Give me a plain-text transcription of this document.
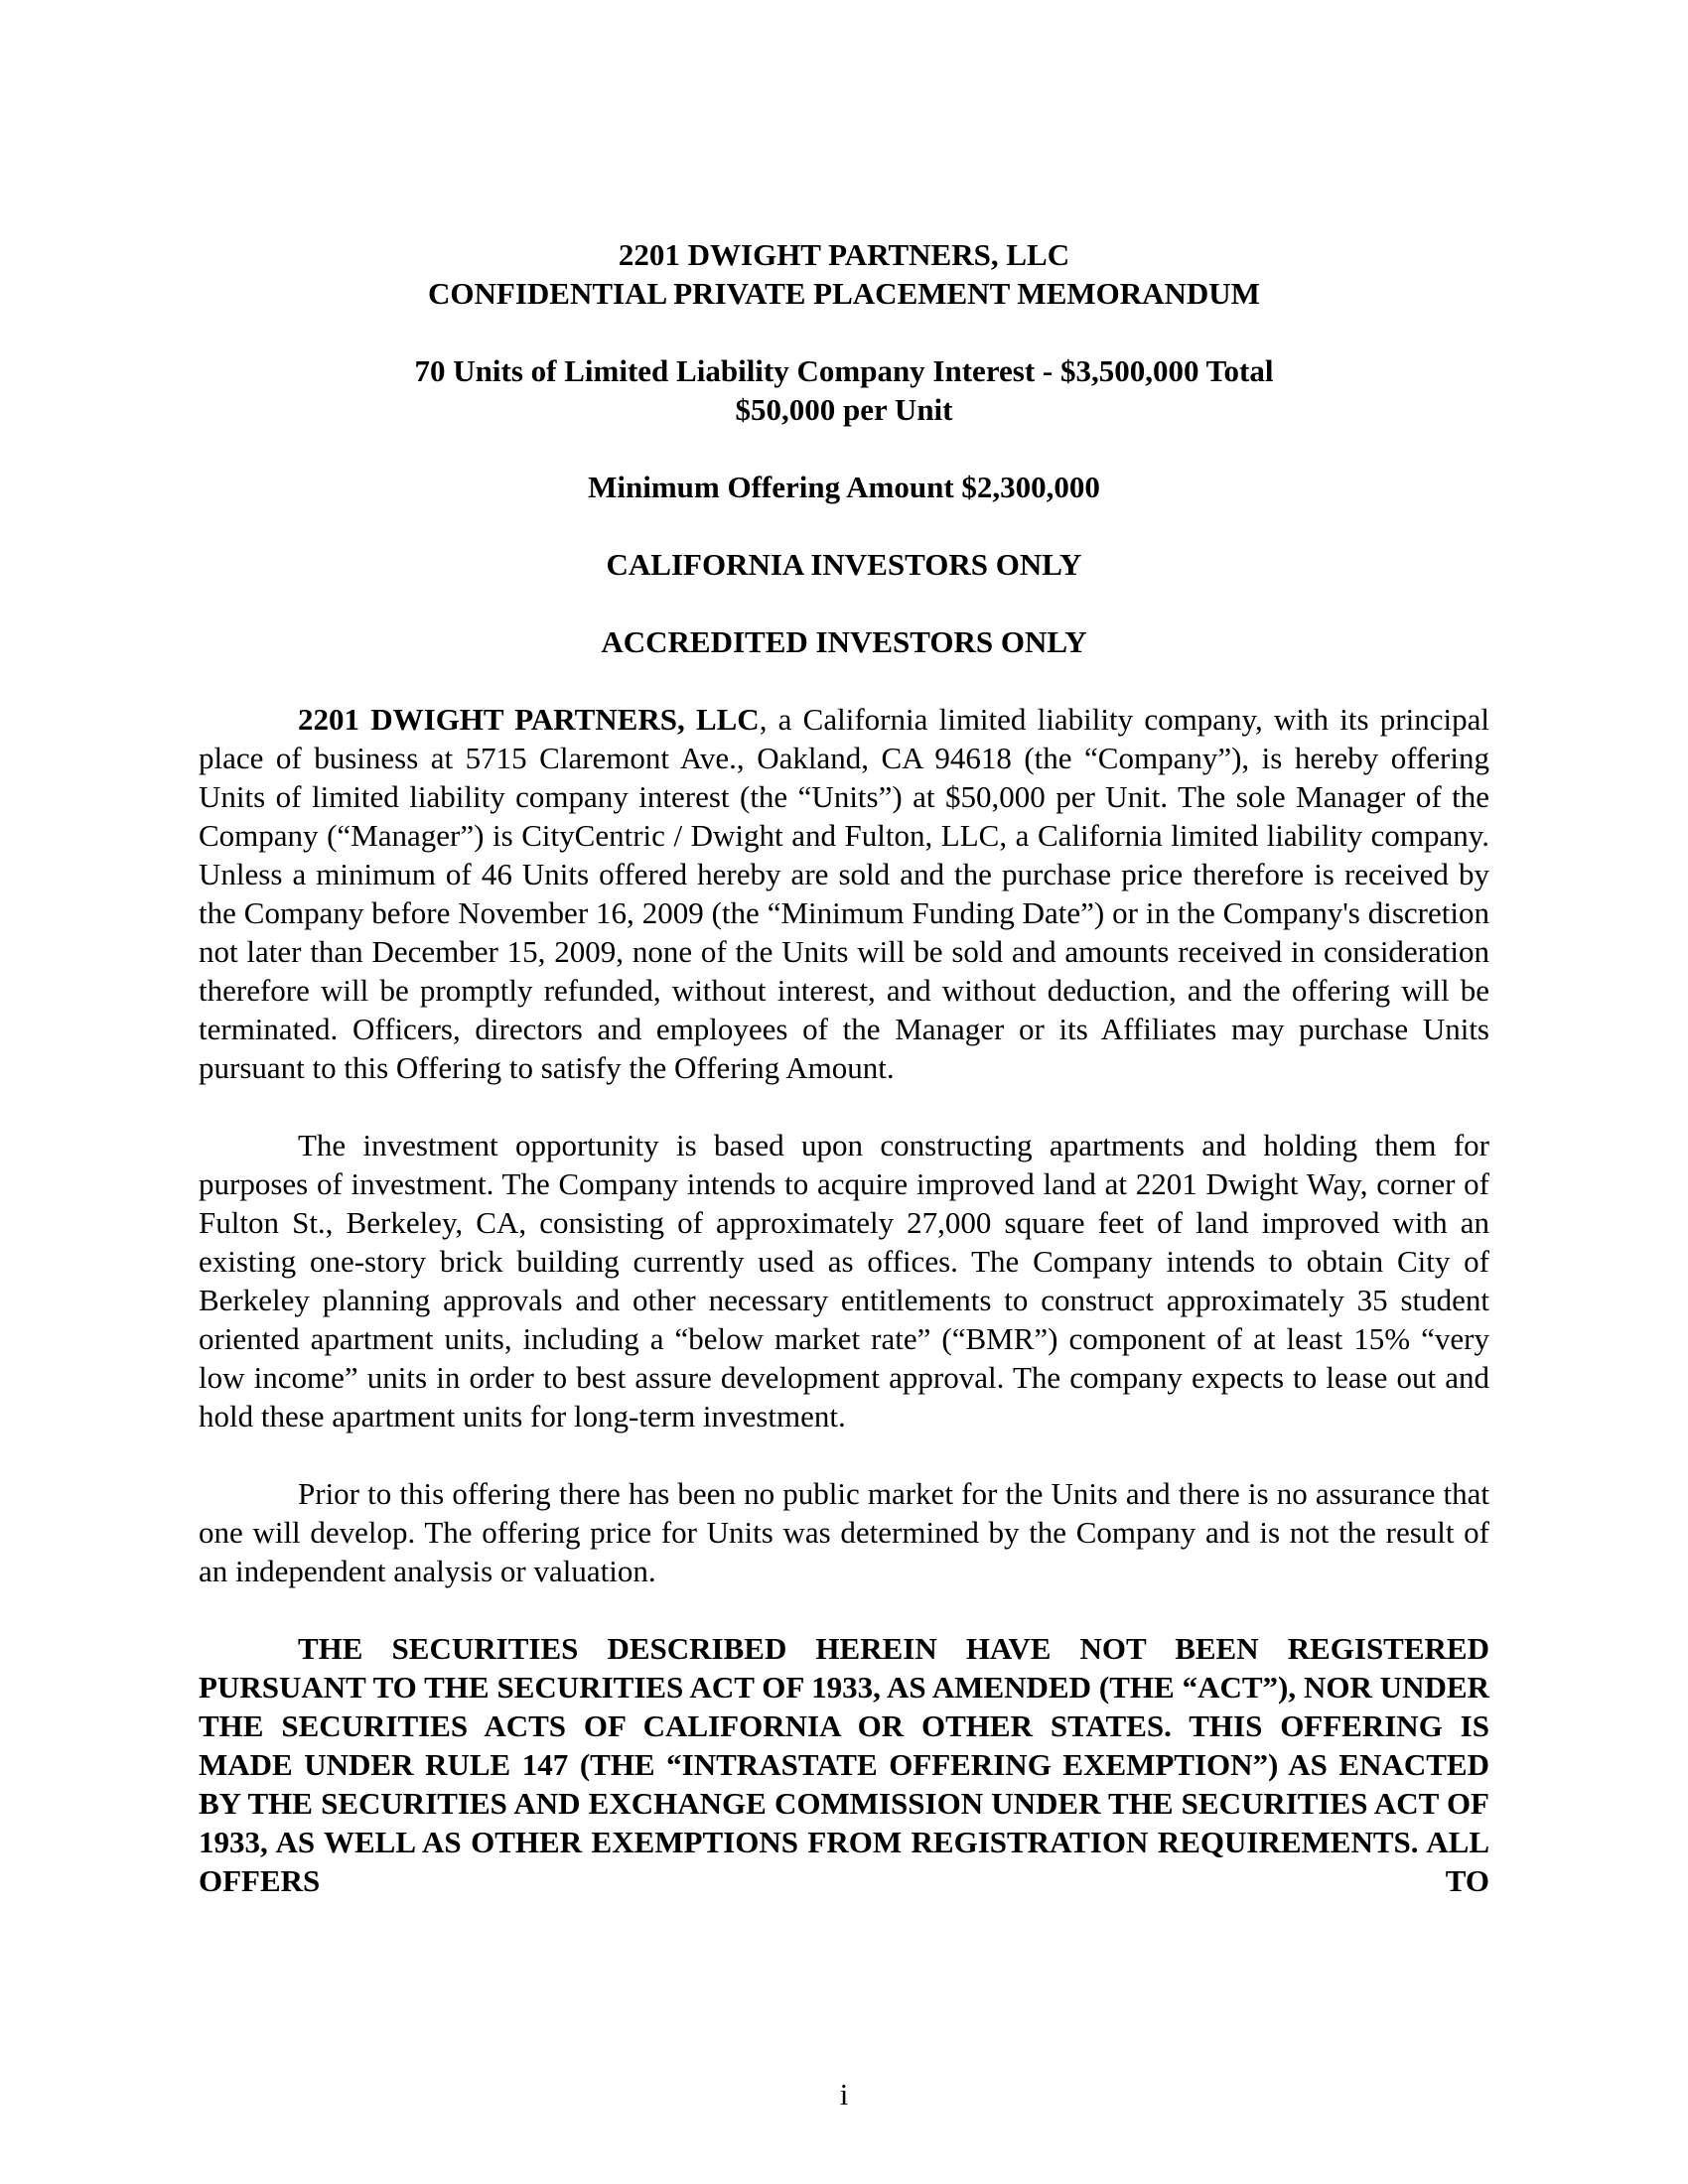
2201 DWIGHT PARTNERS, LLC
CONFIDENTIAL PRIVATE PLACEMENT MEMORANDUM
70 Units of Limited Liability Company Interest - $3,500,000 Total
$50,000 per Unit
Minimum Offering Amount $2,300,000
CALIFORNIA INVESTORS ONLY
ACCREDITED INVESTORS ONLY

2201 DWIGHT PARTNERS, LLC, a California limited liability company, with its principal place of business at 5715 Claremont Ave., Oakland, CA 94618 (the “Company”), is hereby offering Units of limited liability company interest (the “Units”) at $50,000 per Unit. The sole Manager of the Company (“Manager”) is CityCentric / Dwight and Fulton, LLC, a California limited liability company. Unless a minimum of 46 Units offered hereby are sold and the purchase price therefore is received by the Company before November 16, 2009 (the “Minimum Funding Date”) or in the Company's discretion not later than December 15, 2009, none of the Units will be sold and amounts received in consideration therefore will be promptly refunded, without interest, and without deduction, and the offering will be terminated. Officers, directors and employees of the Manager or its Affiliates may purchase Units pursuant to this Offering to satisfy the Offering Amount.

The investment opportunity is based upon constructing apartments and holding them for purposes of investment. The Company intends to acquire improved land at 2201 Dwight Way, corner of Fulton St., Berkeley, CA, consisting of approximately 27,000 square feet of land improved with an existing one-story brick building currently used as offices. The Company intends to obtain City of Berkeley planning approvals and other necessary entitlements to construct approximately 35 student oriented apartment units, including a “below market rate” (“BMR”) component of at least 15% “very low income” units in order to best assure development approval. The company expects to lease out and hold these apartment units for long-term investment.

Prior to this offering there has been no public market for the Units and there is no assurance that one will develop. The offering price for Units was determined by the Company and is not the result of an independent analysis or valuation.

THE SECURITIES DESCRIBED HEREIN HAVE NOT BEEN REGISTERED PURSUANT TO THE SECURITIES ACT OF 1933, AS AMENDED (THE “ACT”), NOR UNDER THE SECURITIES ACTS OF CALIFORNIA OR OTHER STATES. THIS OFFERING IS MADE UNDER RULE 147 (THE “INTRASTATE OFFERING EXEMPTION”) AS ENACTED BY THE SECURITIES AND EXCHANGE COMMISSION UNDER THE SECURITIES ACT OF 1933, AS WELL AS OTHER EXEMPTIONS FROM REGISTRATION REQUIREMENTS. ALL OFFERS TO

i
